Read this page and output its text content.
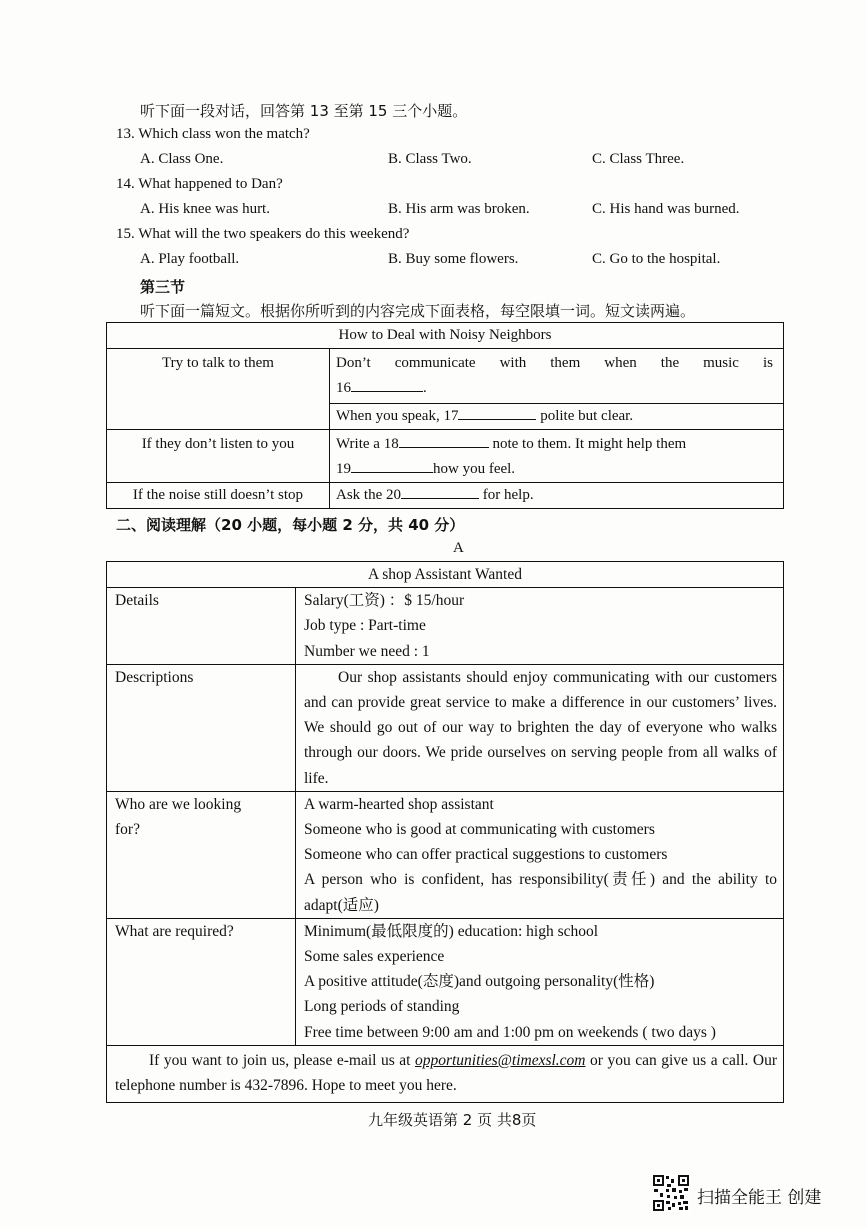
听下面一段对话，回答第 13 至第 15 三个小题。
13. Which class won the match?
A. Class One.	B. Class Two.	C. Class Three.
14. What happened to Dan?
A. His knee was hurt.	B. His arm was broken.	C. His hand was burned.
15. What will the two speakers do this weekend?
A. Play football.	B. Buy some flowers.	C. Go to the hospital.
第三节
听下面一篇短文。根据你所听到的内容完成下面表格，每空限填一词。短文读两遍。
How to Deal with Noisy Neighbors	
Try to talk to them	Don’t communicate with them when the music is
16 .

	When you speak, 17 polite but clear.
If they don’t listen to you	Write a 18 note to them. It might help them
19 how you feel.

If the noise still doesn’t stop	Ask the 20 for help.
二、阅读理解（20 小题，每小题 2 分，共 40 分）
A
A shop Assistant Wanted	
Details	Salary(工资) ：$ 15/hour
Job type : Part-time
Number we need : 1

Descriptions	Our shop assistants should enjoy communicating with our customers and can provide great service to make a difference in our customers’ lives. We should go out of our way to brighten the day of everyone who walks through our doors. We pride ourselves on serving people from all walks of life.

Who are we looking for?	A warm-hearted shop assistant
Someone who is good at communicating with customers
Someone who can offer practical suggestions to customers
A person who is confident, has responsibility(责任) and the ability to adapt(适应)

What are required?	Minimum(最低限度的) education: high school
Some sales experience
A positive attitude(态度)and outgoing personality(性格)
Long periods of standing
Free time between 9:00 am and 1:00 pm on weekends ( two days )

If you want to join us, please e-mail us at opportunities@timexsl.com or you can give us a call. Our telephone number is 432-7896. Hope to meet you here.	
九年级英语第 2 页 共8页
扫描全能王 创建
